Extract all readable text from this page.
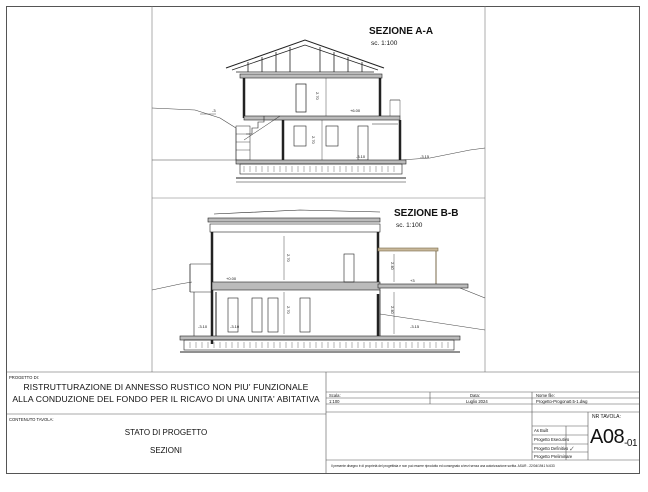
SEZIONE A-A
sc. 1:100
SEZIONE B-B
sc. 1:100
+6.00
-3
-3.10	-3.15
2.70
2.70
+0.00	+3
-3.10	-3.10	-3.15
2.70
2.70
2.40
2.40
PROGETTO DI:
RISTRUTTURAZIONE DI ANNESSO RUSTICO NON PIU' FUNZIONALE
ALLA CONDUZIONE DEL FONDO PER IL RICAVO DI UNA UNITA' ABITATIVA
CONTENUTO TAVOLA:
STATO DI PROGETTO
SEZIONI
Scala:
1:100
Data:
Luglio 2024
Nome file:
Progetto-Progona0.5-1.dwg
NR TAVOLA:
$A08_{-01}$
As Built
Progetto Esecutivo
Progetto Definitivo
Progetto Preliminare
✓
Il presente disegno è di proprietà del progettista e non può essere riprodotto ed consegnato a terzi senza una autorizzazione scritta. ASUR - 22/04/1941 N.633
